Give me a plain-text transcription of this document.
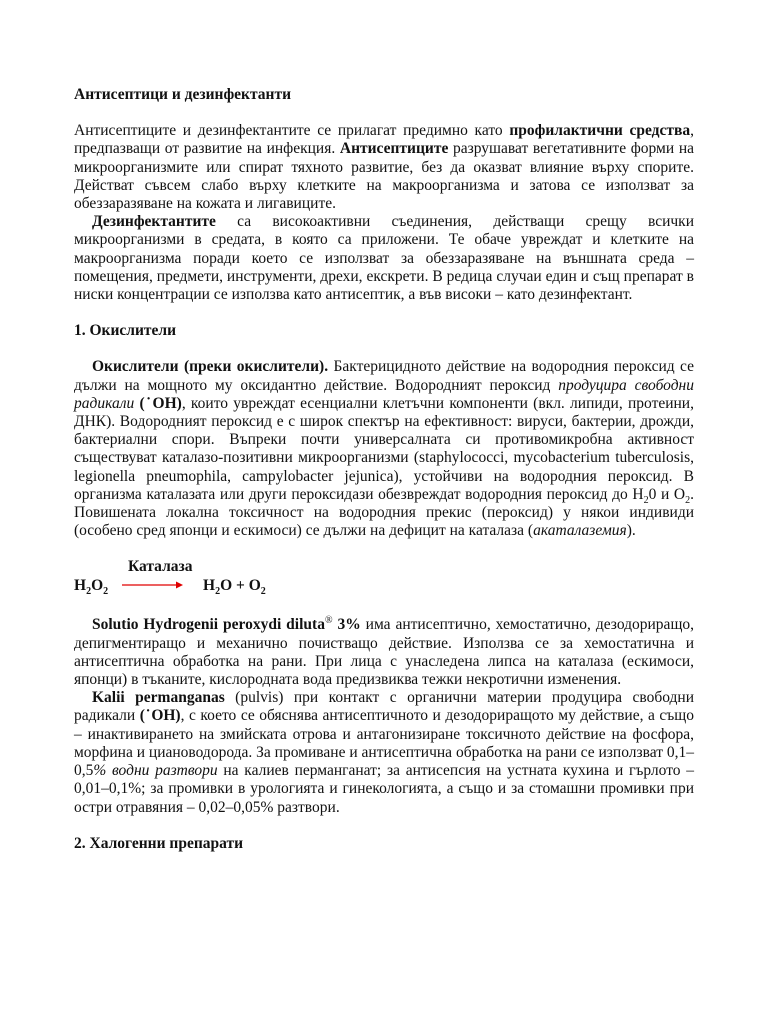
Антисептици и дезинфектанти

Антисептиците и дезинфектантите се прилагат предимно като профилактични средства, предпазващи от развитие на инфекция. Антисептиците разрушават вегетативните форми на микроорганизмите или спират тяхното развитие, без да оказват влияние върху спорите. Действат съвсем слабо върху клетките на макроорганизма и затова се използват за обеззаразяване на кожата и лигавиците.

Дезинфектантите са високоактивни съединения, действащи срещу всички микроорганизми в средата, в която са приложени. Те обаче увреждат и клетките на макроорганизма поради което се използват за обеззаразяване на външната среда – помещения, предмети, инструменти, дрехи, екскрети. В редица случаи един и същ препарат в ниски концентрации се използва като антисептик, а във високи – като дезинфектант.

1. Окислители

Окислители (преки окислители). Бактерицидното действие на водородния пероксид се дължи на мощното му оксидантно действие. Водородният пероксид продуцира свободни радикали (˙OH), които увреждат есенциални клетъчни компоненти (вкл. липиди, протеини, ДНК). Водородният пероксид е с широк спектър на ефективност: вируси, бактерии, дрожди, бактериални спори. Въпреки почти универсалната си противомикробна активност съществуват каталазо-позитивни микроорганизми (staphylococci, mycobacterium tuberculosis, legionella pneumophila, campylobacter jejunica), устойчиви на водородния пероксид. В организма каталазата или други пероксидази обезвреждат водородния пероксид до $H_20$ и $O_2$. Повишената локална токсичност на водородния прекис (пероксид) у някои индивиди (особено сред японци и ескимоси) се дължи на дефицит на каталаза (акаталаземия).

Каталаза
$H_2O_2 \to H_2O + O_2$

Solutio Hydrogenii peroxydi diluta® 3% има антисептично, хемостатично, дезодориращо, депигментиращо и механично почистващо действие. Използва се за хемостатична и антисептична обработка на рани. При лица с унаследена липса на каталаза (ескимоси, японци) в тъканите, кислородната вода предизвиква тежки некротични изменения.

Kalii permanganas (pulvis) при контакт с органични материи продуцира свободни радикали (˙OH), с което се обяснява антисептичното и дезодориращото му действие, а също – инактивирането на змийската отрова и антагонизиране токсичното действие на фосфора, морфина и циановодорода. За промиване и антисептична обработка на рани се използват 0,1–0,5% водни разтвори на калиев перманганат; за антисепсия на устната кухина и гърлото – 0,01–0,1%; за промивки в урологията и гинекологията, а също и за стомашни промивки при остри отравяния – 0,02–0,05% разтвори.

2. Халогенни препарати
